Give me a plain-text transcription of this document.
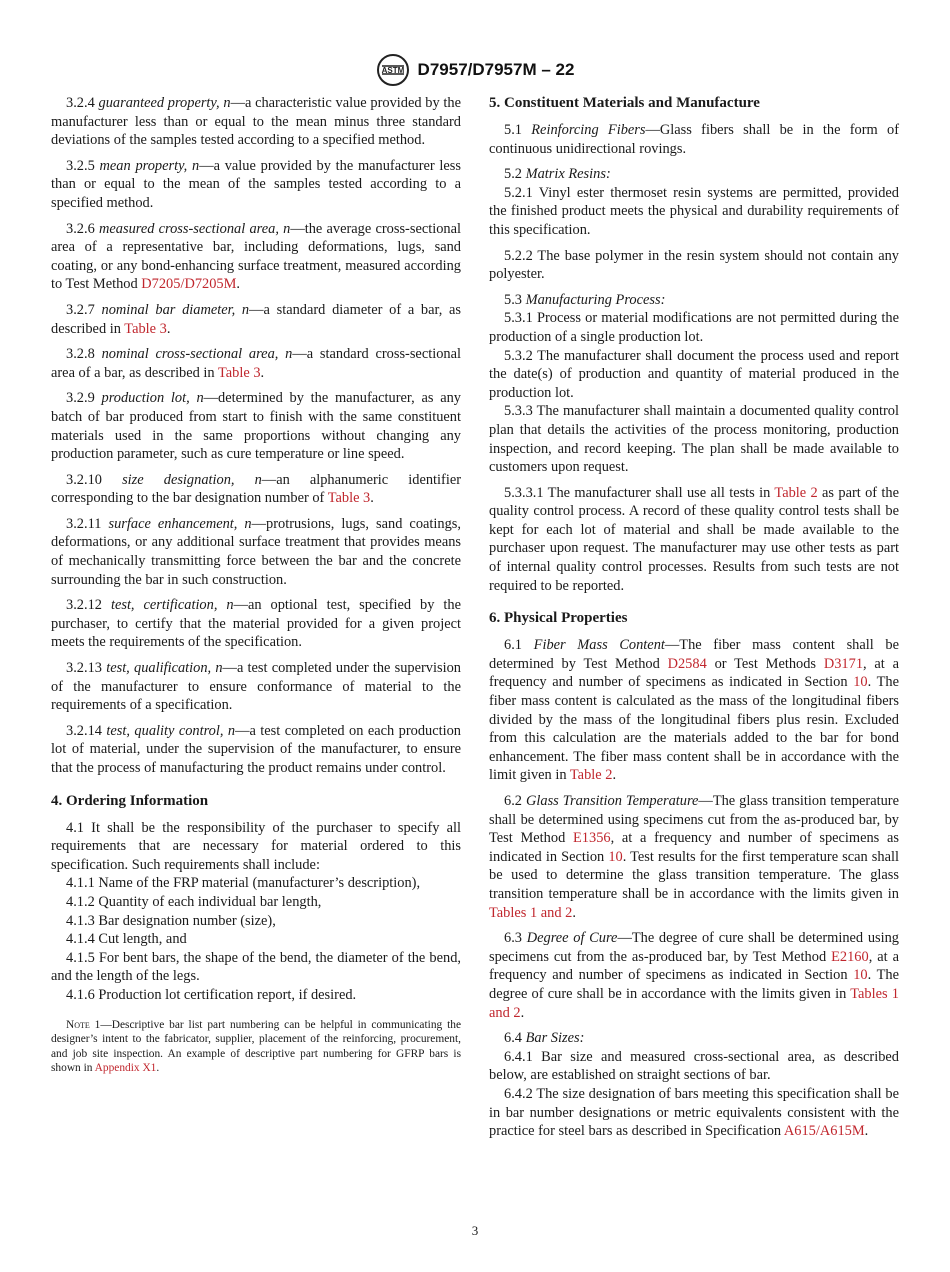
ASTM D7957/D7957M – 22

3.2.4 guaranteed property, n—a characteristic value provided by the manufacturer less than or equal to the mean minus three standard deviations of the samples tested according to a specified method.

3.2.5 mean property, n—a value provided by the manufacturer less than or equal to the mean of the samples tested according to a specified method.

3.2.6 measured cross-sectional area, n—the average cross-sectional area of a representative bar, including deformations, lugs, sand coating, or any bond-enhancing surface treatment, measured according to Test Method D7205/D7205M.

3.2.7 nominal bar diameter, n—a standard diameter of a bar, as described in Table 3.

3.2.8 nominal cross-sectional area, n—a standard cross-sectional area of a bar, as described in Table 3.

3.2.9 production lot, n—determined by the manufacturer, as any batch of bar produced from start to finish with the same constituent materials used in the same proportions without changing any production parameter, such as cure temperature or line speed.

3.2.10 size designation, n—an alphanumeric identifier corresponding to the bar designation number of Table 3.

3.2.11 surface enhancement, n—protrusions, lugs, sand coatings, deformations, or any additional surface treatment that provides means of mechanically transmitting force between the bar and the concrete surrounding the bar in such construction.

3.2.12 test, certification, n—an optional test, specified by the purchaser, to certify that the material provided for a given project meets the requirements of the specification.

3.2.13 test, qualification, n—a test completed under the supervision of the manufacturer to ensure conformance of material to the requirements of a specification.

3.2.14 test, quality control, n—a test completed on each production lot of material, under the supervision of the manufacturer, to ensure that the process of manufacturing the product remains under control.

4. Ordering Information

4.1 It shall be the responsibility of the purchaser to specify all requirements that are necessary for material ordered to this specification. Such requirements shall include:

4.1.1 Name of the FRP material (manufacturer’s description),

4.1.2 Quantity of each individual bar length,

4.1.3 Bar designation number (size),

4.1.4 Cut length, and

4.1.5 For bent bars, the shape of the bend, the diameter of the bend, and the length of the legs.

4.1.6 Production lot certification report, if desired.

Note 1—Descriptive bar list part numbering can be helpful in communicating the designer’s intent to the fabricator, supplier, placement of the reinforcing, procurement, and job site inspection. An example of descriptive part numbering for GFRP bars is shown in Appendix X1.
5. Constituent Materials and Manufacture

5.1 Reinforcing Fibers—Glass fibers shall be in the form of continuous unidirectional rovings.

5.2 Matrix Resins:

5.2.1 Vinyl ester thermoset resin systems are permitted, provided the finished product meets the physical and durability requirements of this specification.

5.2.2 The base polymer in the resin system should not contain any polyester.

5.3 Manufacturing Process:

5.3.1 Process or material modifications are not permitted during the production of a single production lot.

5.3.2 The manufacturer shall document the process used and report the date(s) of production and quantity of material produced in the production lot.

5.3.3 The manufacturer shall maintain a documented quality control plan that details the activities of the process monitoring, production inspection, and record keeping. The plan shall be made available to customers upon request.

5.3.3.1 The manufacturer shall use all tests in Table 2 as part of the quality control process. A record of these quality control tests shall be kept for each lot of material and shall be made available to the purchaser upon request. The manufacturer may use other tests as part of internal quality control processes. Results from such tests are not required to be reported.

6. Physical Properties

6.1 Fiber Mass Content—The fiber mass content shall be determined by Test Method D2584 or Test Methods D3171, at a frequency and number of specimens as indicated in Section 10. The fiber mass content is calculated as the mass of the longitudinal fibers divided by the mass of the longitudinal fibers plus resin. Excluded from this calculation are the materials added to the bar for bond enhancement. The fiber mass content shall be in accordance with the limit given in Table 2.

6.2 Glass Transition Temperature—The glass transition temperature shall be determined using specimens cut from the as-produced bar, by Test Method E1356, at a frequency and number of specimens as indicated in Section 10. Test results for the first temperature scan shall be used to determine the glass transition temperature. The glass transition temperature shall be in accordance with the limits given in Tables 1 and 2.

6.3 Degree of Cure—The degree of cure shall be determined using specimens cut from the as-produced bar, by Test Method E2160, at a frequency and number of specimens as indicated in Section 10. The degree of cure shall be in accordance with the limits given in Tables 1 and 2.

6.4 Bar Sizes:

6.4.1 Bar size and measured cross-sectional area, as described below, are established on straight sections of bar.

6.4.2 The size designation of bars meeting this specification shall be in bar number designations or metric equivalents consistent with the practice for steel bars as described in Specification A615/A615M.

3
